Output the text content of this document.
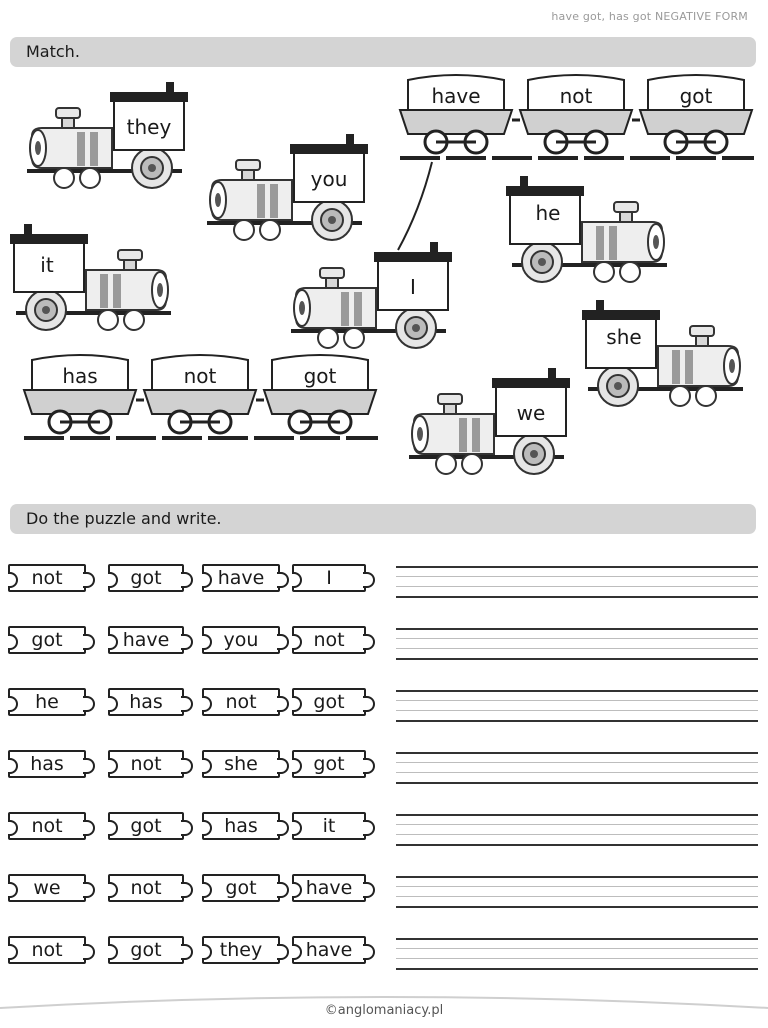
have got, has got NEGATIVE FORM
Match.
have	not	got
has	not	got
they
you
it
I
he
she
we
Do the puzzle and write.
not	got	have	I
got	have	you	not
he	has	not	got
has	not	she	got
not	got	has	it
we	not	got	have
not	got	they	have
©anglomaniacy.pl
